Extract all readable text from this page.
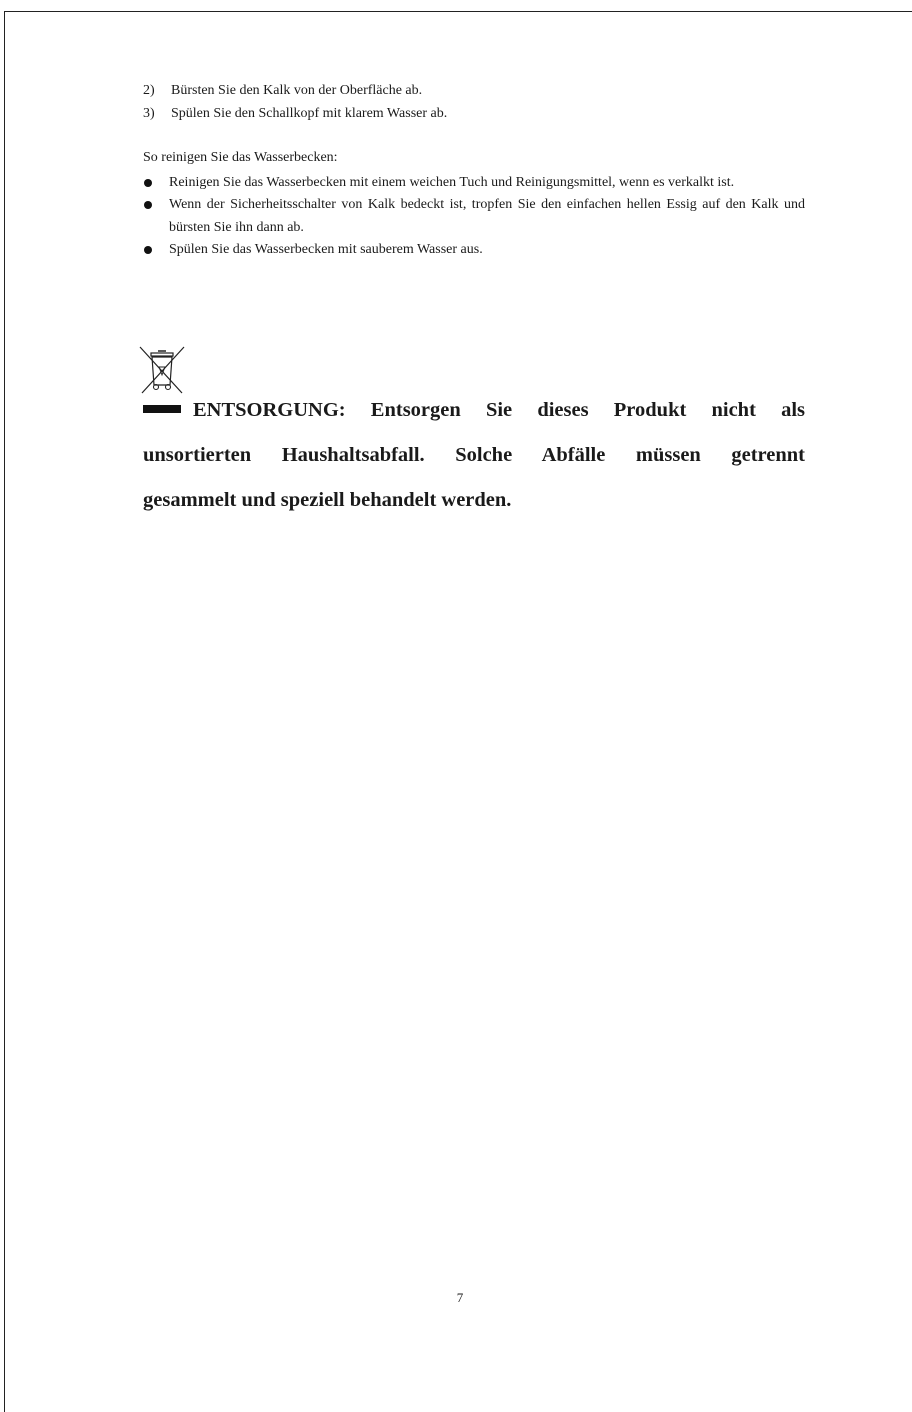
2)	Bürsten Sie den Kalk von der Oberfläche ab.
3)	Spülen Sie den Schallkopf mit klarem Wasser ab.

So reinigen Sie das Wasserbecken:

Reinigen Sie das Wasserbecken mit einem weichen Tuch und Reinigungsmittel, wenn es verkalkt ist.
Wenn der Sicherheitsschalter von Kalk bedeckt ist, tropfen Sie den einfachen hellen Essig auf den Kalk und bürsten Sie ihn dann ab.
Spülen Sie das Wasserbecken mit sauberem Wasser aus.
ENTSORGUNG: Entsorgen Sie dieses Produkt nicht als
unsortierten Haushaltsabfall. Solche Abfälle müssen getrennt
gesammelt und speziell behandelt werden.
7
